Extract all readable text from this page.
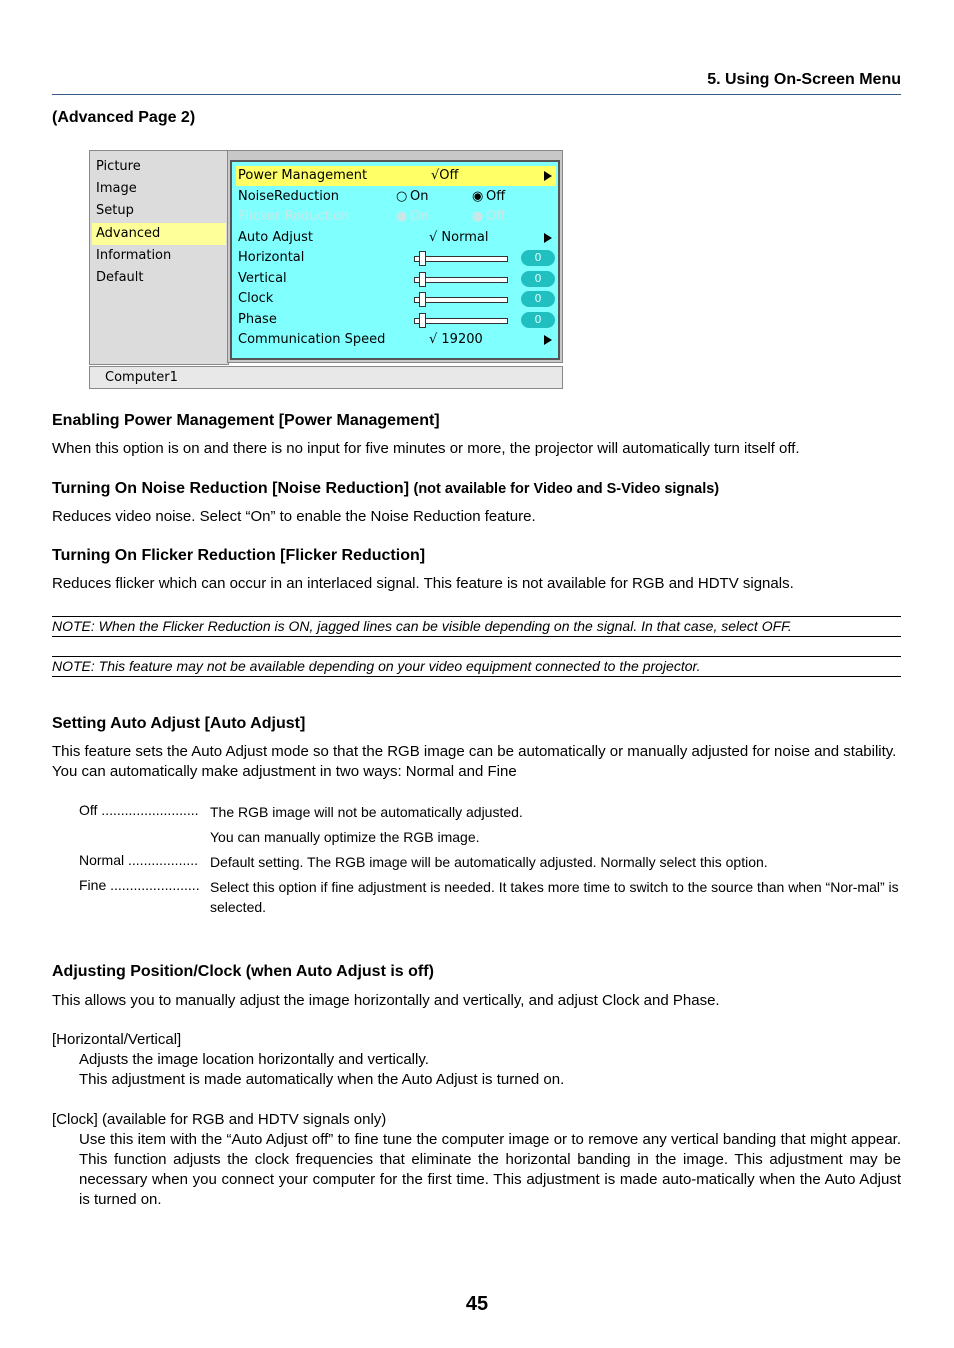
5. Using On-Screen Menu
(Advanced Page 2)
Picture
Image
Setup
Advanced
Information
Default
Power Management	√Off
NoiseReduction	○ On	◉ Off
Flicker Reduction	● On	● Off
Auto Adjust	√ Normal
Horizontal	0
Vertical	0
Clock	0
Phase	0
Communication Speed	√ 19200
Computer1
Enabling Power Management [Power Management]
When this option is on and there is no input for five minutes or more, the projector will automatically turn itself off.
Turning On Noise Reduction [Noise Reduction] (not available for Video and S-Video signals)
Reduces video noise. Select “On” to enable the Noise Reduction feature.
Turning On Flicker Reduction [Flicker Reduction]
Reduces flicker which can occur in an interlaced signal. This feature is not available for RGB and HDTV signals.
NOTE: When the Flicker Reduction is ON, jagged lines can be visible depending on the signal. In that case, select OFF.
NOTE: This feature may not be available depending on your video equipment connected to the projector.
Setting Auto Adjust [Auto Adjust]
This feature sets the Auto Adjust mode so that the RGB image can be automatically or manually adjusted for noise and stability. You can automatically make adjustment in two ways: Normal and Fine
Off ......................... The RGB image will not be automatically adjusted.
You can manually optimize the RGB image.
Normal .................. Default setting. The RGB image will be automatically adjusted. Normally select this option.
Fine ....................... Select this option if fine adjustment is needed. It takes more time to switch to the source than when “Nor-mal” is selected.
Adjusting Position/Clock (when Auto Adjust is off)
This allows you to manually adjust the image horizontally and vertically, and adjust Clock and Phase.
[Horizontal/Vertical]
Adjusts the image location horizontally and vertically.
This adjustment is made automatically when the Auto Adjust is turned on.
[Clock] (available for RGB and HDTV signals only)
Use this item with the “Auto Adjust off” to fine tune the computer image or to remove any vertical banding that might appear. This function adjusts the clock frequencies that eliminate the horizontal banding in the image. This adjustment may be necessary when you connect your computer for the first time. This adjustment is made auto-matically when the Auto Adjust is turned on.
45
